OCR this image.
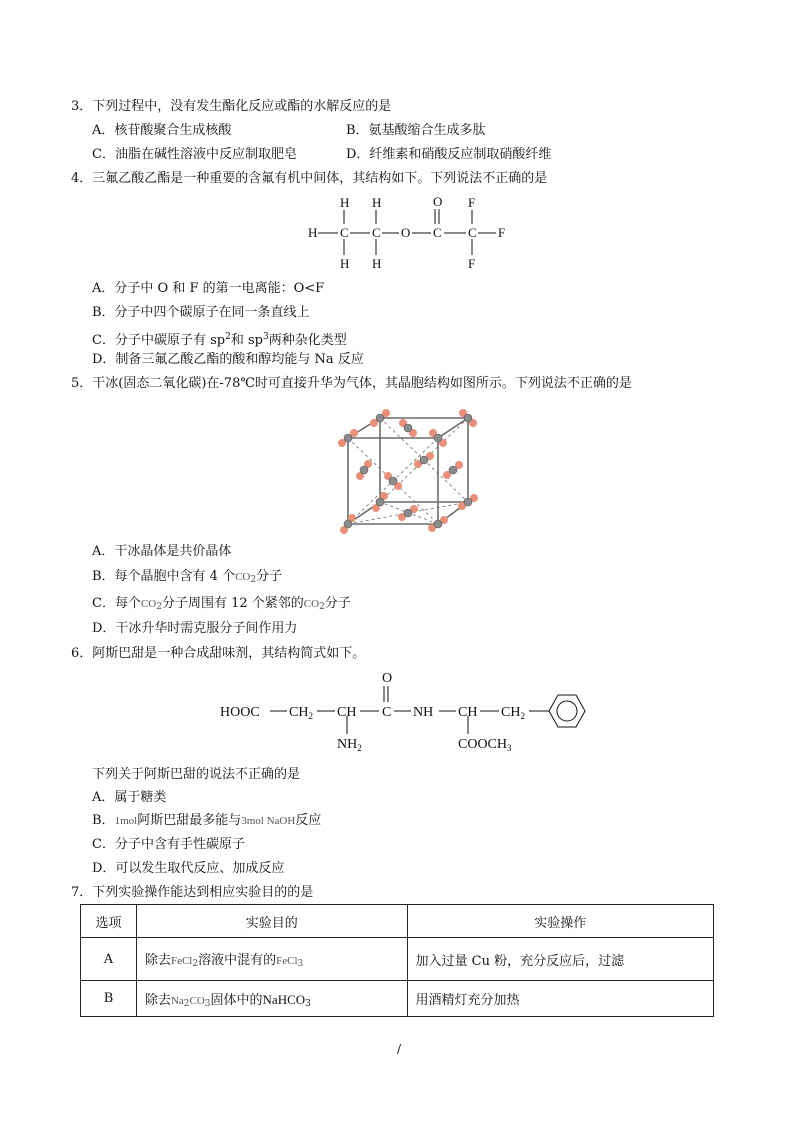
3．下列过程中，没有发生酯化反应或酯的水解反应的是
A．核苷酸聚合生成核酸	B．氨基酸缩合生成多肽
C．油脂在碱性溶液中反应制取肥皂	D．纤维素和硝酸反应制取硝酸纤维
4．三氟乙酸乙酯是一种重要的含氟有机中间体，其结构如下。下列说法不正确的是
H H
H C C O C C F
H H
O F
F
A．分子中 O 和 F 的第一电离能：O<F
B．分子中四个碳原子在同一条直线上
C．分子中碳原子有 $sp^2$和 $sp^3$两种杂化类型
D．制备三氟乙酸乙酯的酸和醇均能与 Na 反应
5．干冰(固态二氧化碳)在-78℃时可直接升华为气体，其晶胞结构如图所示。下列说法不正确的是
A．干冰晶体是共价晶体
B．每个晶胞中含有 4 个$CO_2$分子
C．每个$CO_2$分子周围有 12 个紧邻的$CO_2$分子
D．干冰升华时需克服分子间作用力
6．阿斯巴甜是一种合成甜味剂，其结构简式如下。
HOOC $CH_2$ CH C
O
NH CH $CH_2$
$NH_2$	$COOCH_3$
下列关于阿斯巴甜的说法不正确的是
A．属于糖类
B．1mol阿斯巴甜最多能与3mol NaOH反应
C．分子中含有手性碳原子
D．可以发生取代反应、加成反应
7．下列实验操作能达到相应实验目的的是
选项	实验目的	实验操作
A	除去FeCl$_2$溶液中混有的FeCl$_3$	加入过量 Cu 粉，充分反应后，过滤
B	除去$Na_2CO_3$固体中的NaHCO$_3$	用酒精灯充分加热
/
